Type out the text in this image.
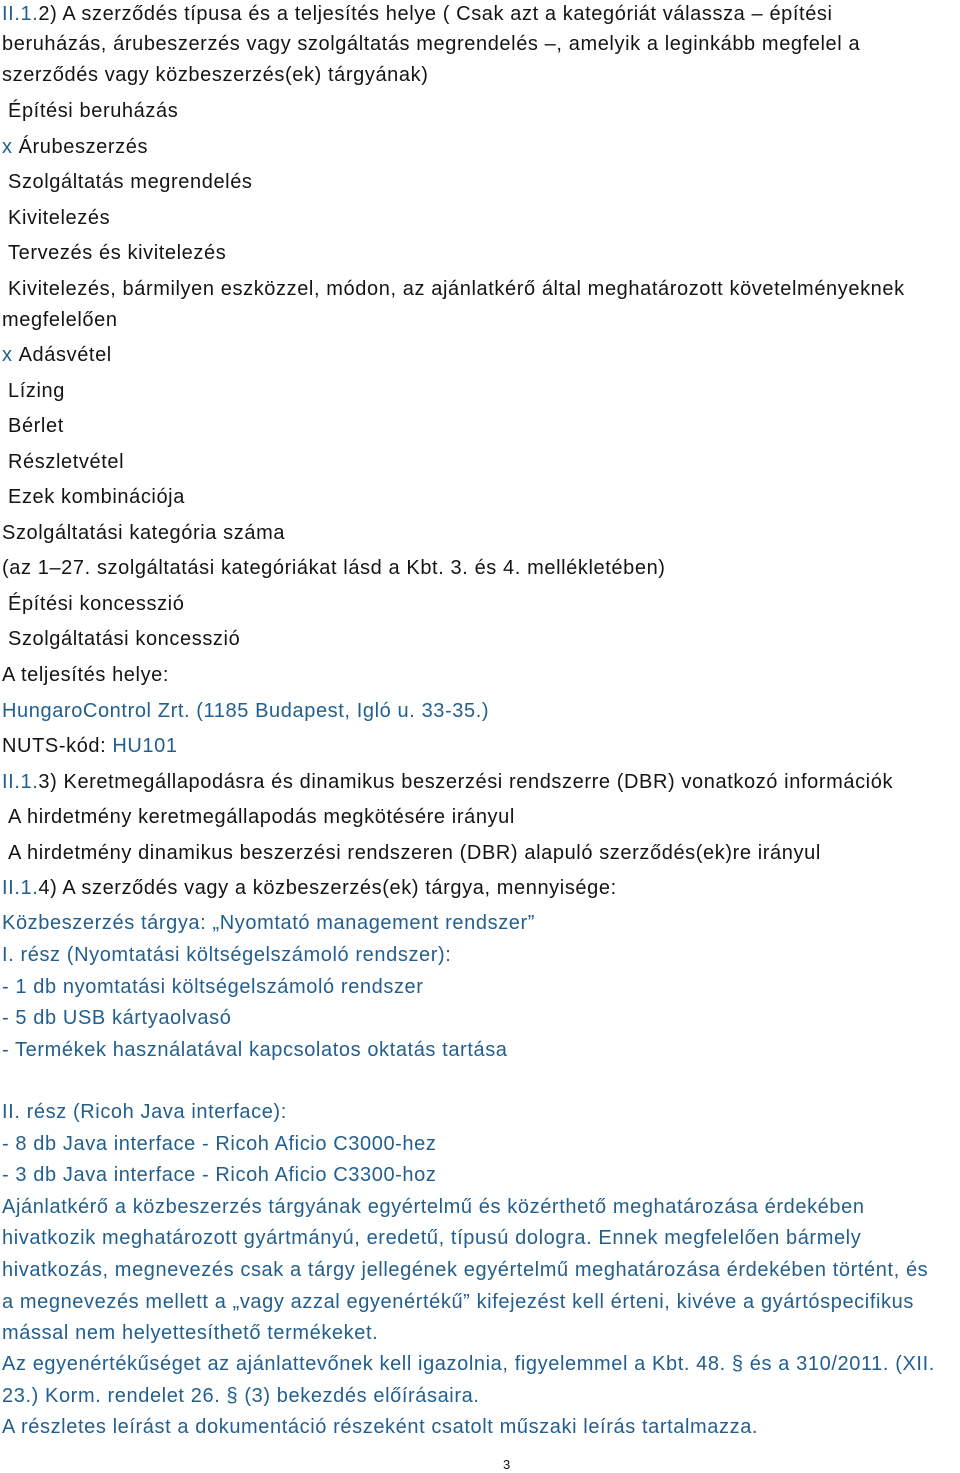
II.1.2) A szerződés típusa és a teljesítés helye ( Csak azt a kategóriát válassza – építési
beruházás, árubeszerzés vagy szolgáltatás megrendelés –, amelyik a leginkább megfelel a
szerződés vagy közbeszerzés(ek) tárgyának)
Építési beruházás
x Árubeszerzés
Szolgáltatás megrendelés
Kivitelezés
Tervezés és kivitelezés
Kivitelezés, bármilyen eszközzel, módon, az ajánlatkérő által meghatározott követelményeknek
megfelelően
x Adásvétel
Lízing
Bérlet
Részletvétel
Ezek kombinációja
Szolgáltatási kategória száma
(az 1–27. szolgáltatási kategóriákat lásd a Kbt. 3. és 4. mellékletében)
Építési koncesszió
Szolgáltatási koncesszió
A teljesítés helye:
HungaroControl Zrt. (1185 Budapest, Igló u. 33-35.)
NUTS-kód: HU101
II.1.3) Keretmegállapodásra és dinamikus beszerzési rendszerre (DBR) vonatkozó információk
A hirdetmény keretmegállapodás megkötésére irányul
A hirdetmény dinamikus beszerzési rendszeren (DBR) alapuló szerződés(ek)re irányul
II.1.4) A szerződés vagy a közbeszerzés(ek) tárgya, mennyisége:
Közbeszerzés tárgya: „Nyomtató management rendszer”
I. rész (Nyomtatási költségelszámoló rendszer):
- 1 db nyomtatási költségelszámoló rendszer
- 5 db USB kártyaolvasó
- Termékek használatával kapcsolatos oktatás tartása
II. rész (Ricoh Java interface):
- 8 db Java interface - Ricoh Aficio C3000-hez
- 3 db Java interface - Ricoh Aficio C3300-hoz
Ajánlatkérő a közbeszerzés tárgyának egyértelmű és közérthető meghatározása érdekében
hivatkozik meghatározott gyártmányú, eredetű, típusú dologra. Ennek megfelelően bármely
hivatkozás, megnevezés csak a tárgy jellegének egyértelmű meghatározása érdekében történt, és
a megnevezés mellett a „vagy azzal egyenértékű” kifejezést kell érteni, kivéve a gyártóspecifikus
mással nem helyettesíthető termékeket.
Az egyenértékűséget az ajánlattevőnek kell igazolnia, figyelemmel a Kbt. 48. § és a 310/2011. (XII.
23.) Korm. rendelet 26. § (3) bekezdés előírásaira.
A részletes leírást a dokumentáció részeként csatolt műszaki leírás tartalmazza.
3
